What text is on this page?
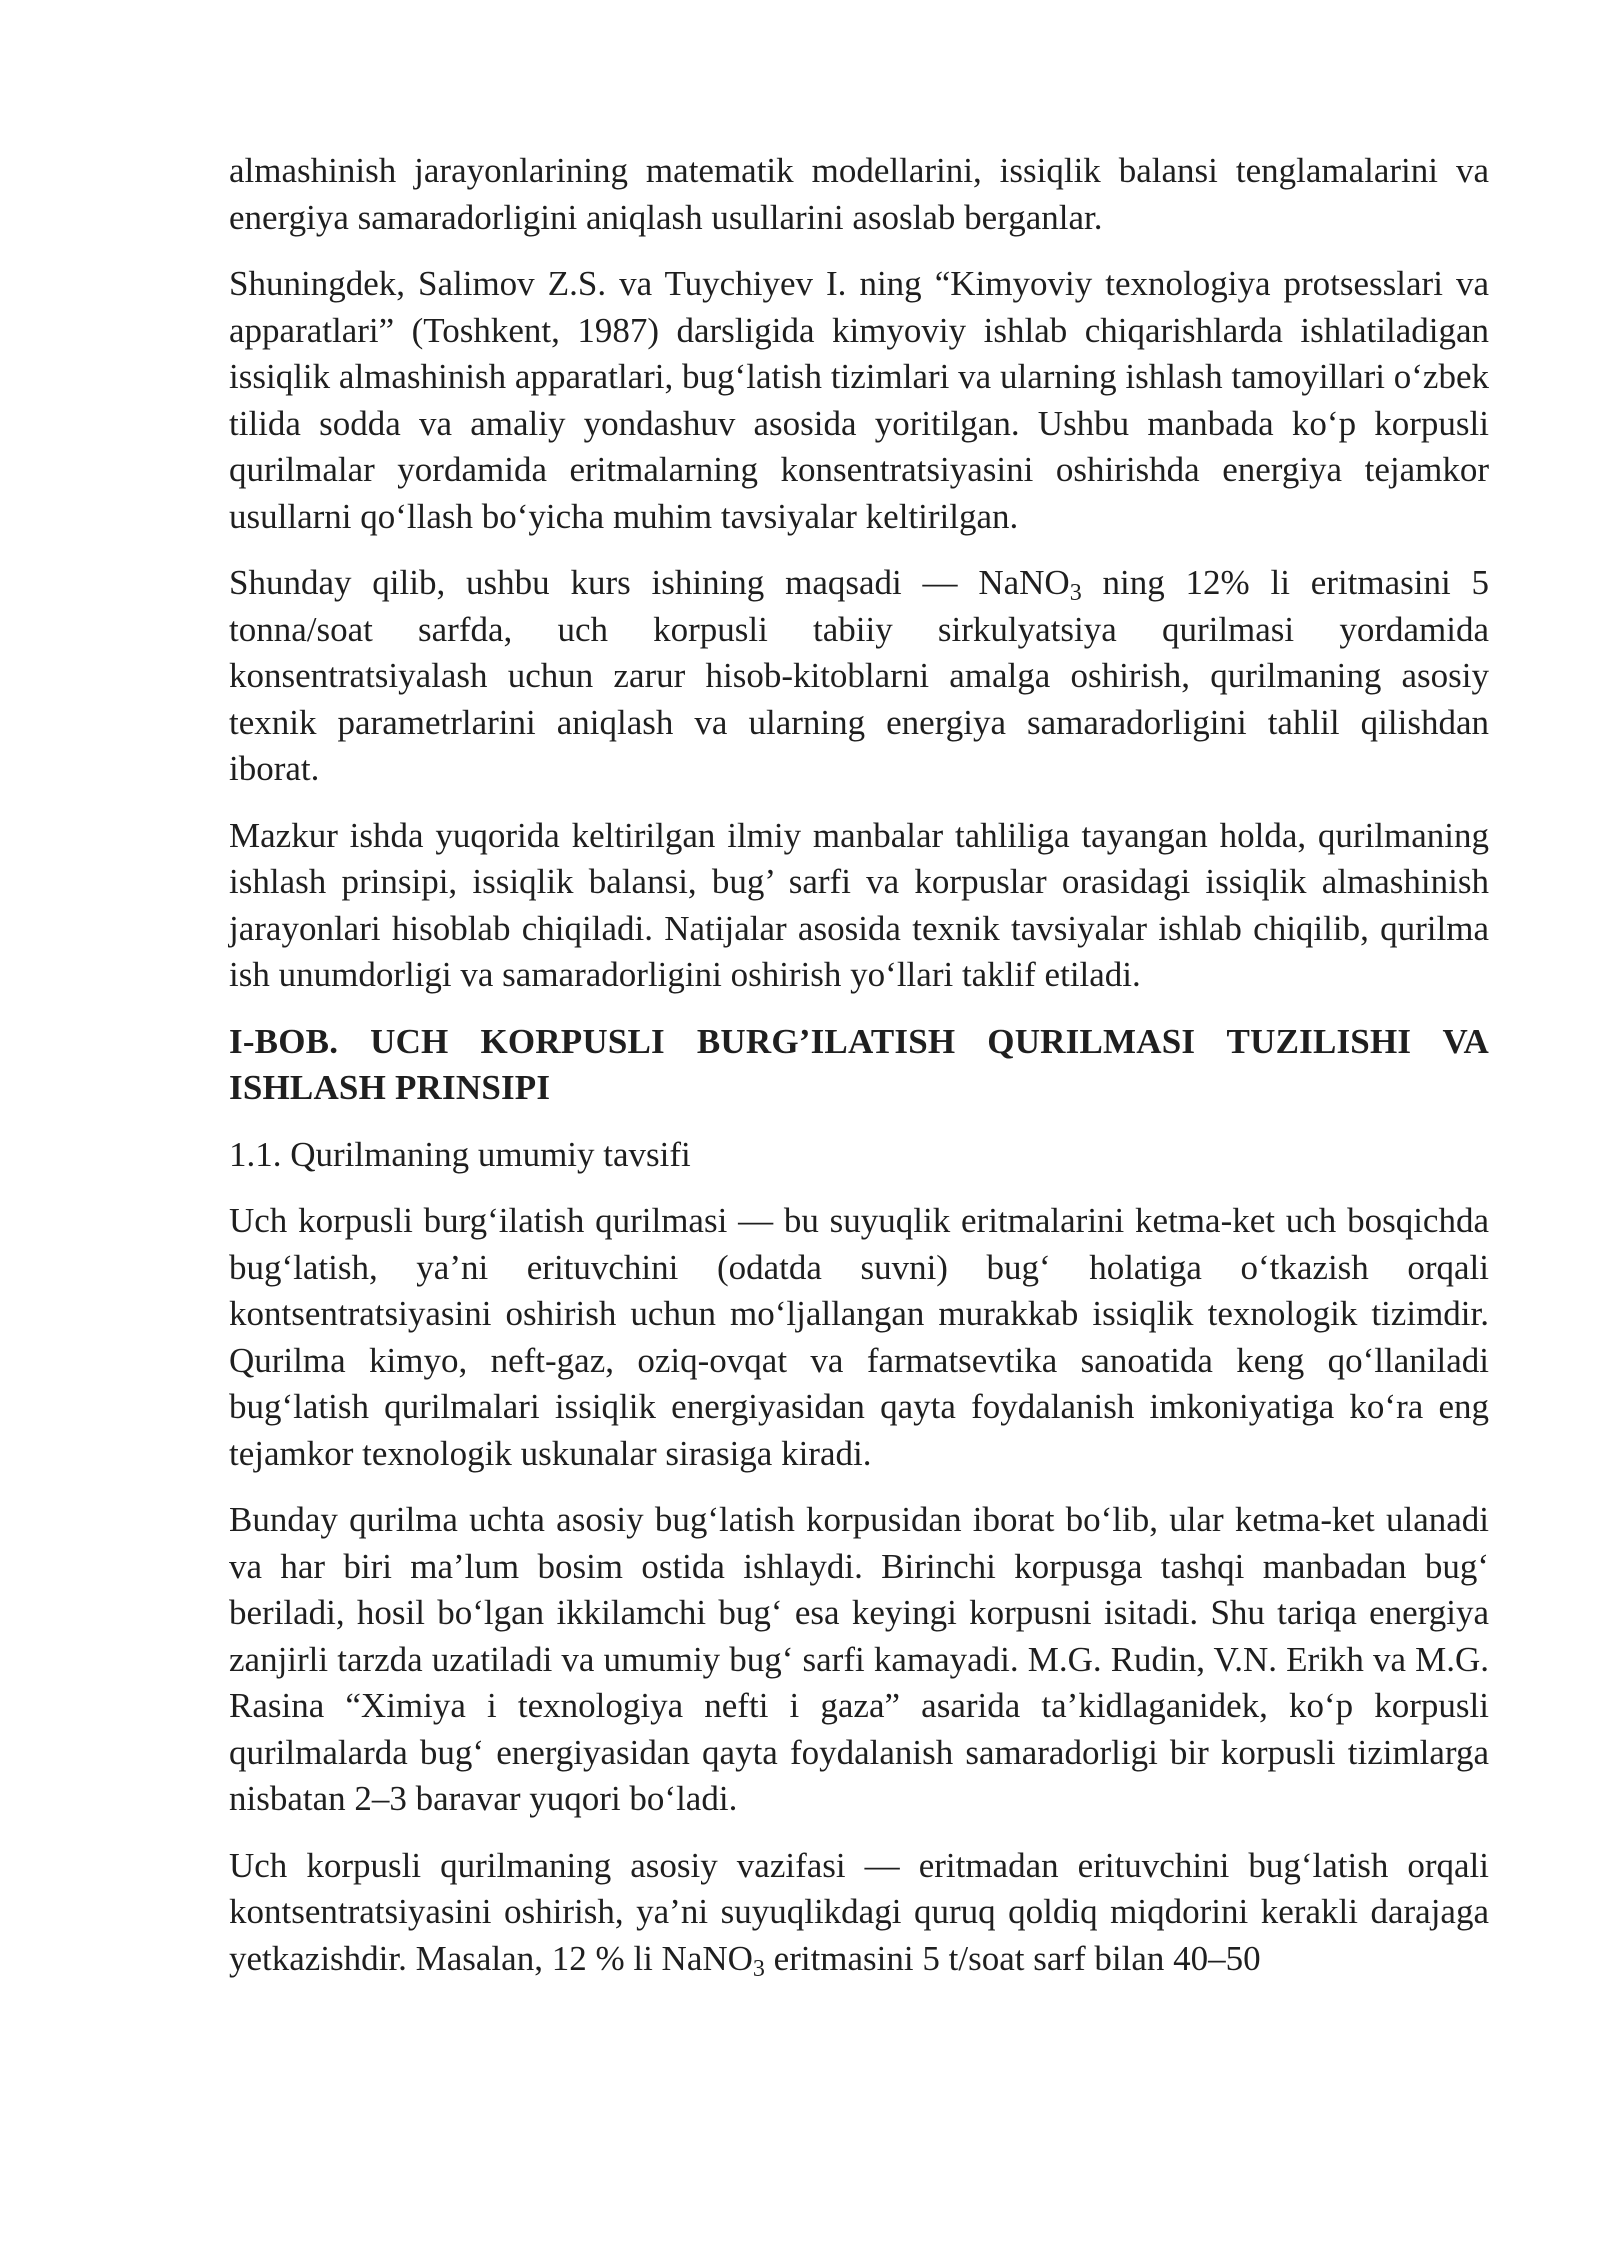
almashinish jarayonlarining matematik modellarini, issiqlik balansi tenglamalarini va energiya samaradorligini aniqlash usullarini asoslab berganlar.

Shuningdek, Salimov Z.S. va Tuychiyev I. ning “Kimyoviy texnologiya protsesslari va apparatlari” (Toshkent, 1987) darsligida kimyoviy ishlab chiqarishlarda ishlatiladigan issiqlik almashinish apparatlari, bug‘latish tizimlari va ularning ishlash tamoyillari o‘zbek tilida sodda va amaliy yondashuv asosida yoritilgan. Ushbu manbada ko‘p korpusli qurilmalar yordamida eritmalarning konsentratsiyasini oshirishda energiya tejamkor usullarni qo‘llash bo‘yicha muhim tavsiyalar keltirilgan.

Shunday qilib, ushbu kurs ishining maqsadi — NaNO$_3$ ning 12% li eritmasini 5 tonna/soat sarfda, uch korpusli tabiiy sirkulyatsiya qurilmasi yordamida konsentratsiyalash uchun zarur hisob-kitoblarni amalga oshirish, qurilmaning asosiy texnik parametrlarini aniqlash va ularning energiya samaradorligini tahlil qilishdan iborat.

Mazkur ishda yuqorida keltirilgan ilmiy manbalar tahliliga tayangan holda, qurilmaning ishlash prinsipi, issiqlik balansi, bug’ sarfi va korpuslar orasidagi issiqlik almashinish jarayonlari hisoblab chiqiladi. Natijalar asosida texnik tavsiyalar ishlab chiqilib, qurilma ish unumdorligi va samaradorligini oshirish yo‘llari taklif etiladi.

I-BOB. UCH KORPUSLI BURG’ILATISH QURILMASI TUZILISHI VA ISHLASH PRINSIPI

1.1. Qurilmaning umumiy tavsifi

Uch korpusli burg‘ilatish qurilmasi — bu suyuqlik eritmalarini ketma-ket uch bosqichda bug‘latish, ya’ni erituvchini (odatda suvni) bug‘ holatiga o‘tkazish orqali kontsentratsiyasini oshirish uchun mo‘ljallangan murakkab issiqlik texnologik tizimdir. Qurilma kimyo, neft-gaz, oziq-ovqat va farmatsevtika sanoatida keng qo‘llaniladi bug‘latish qurilmalari issiqlik energiyasidan qayta foydalanish imkoniyatiga ko‘ra eng tejamkor texnologik uskunalar sirasiga kiradi.

Bunday qurilma uchta asosiy bug‘latish korpusidan iborat bo‘lib, ular ketma-ket ulanadi va har biri ma’lum bosim ostida ishlaydi. Birinchi korpusga tashqi manbadan bug‘ beriladi, hosil bo‘lgan ikkilamchi bug‘ esa keyingi korpusni isitadi. Shu tariqa energiya zanjirli tarzda uzatiladi va umumiy bug‘ sarfi kamayadi. M.G. Rudin, V.N. Erikh va M.G. Rasina “Ximiya i texnologiya nefti i gaza” asarida ta’kidlaganidek, ko‘p korpusli qurilmalarda bug‘ energiyasidan qayta foydalanish samaradorligi bir korpusli tizimlarga nisbatan 2–3 baravar yuqori bo‘ladi.

Uch korpusli qurilmaning asosiy vazifasi — eritmadan erituvchini bug‘latish orqali kontsentratsiyasini oshirish, ya’ni suyuqlikdagi quruq qoldiq miqdorini kerakli darajaga yetkazishdir. Masalan, 12 % li NaNO$_3$ eritmasini 5 t/soat sarf bilan 40–50
